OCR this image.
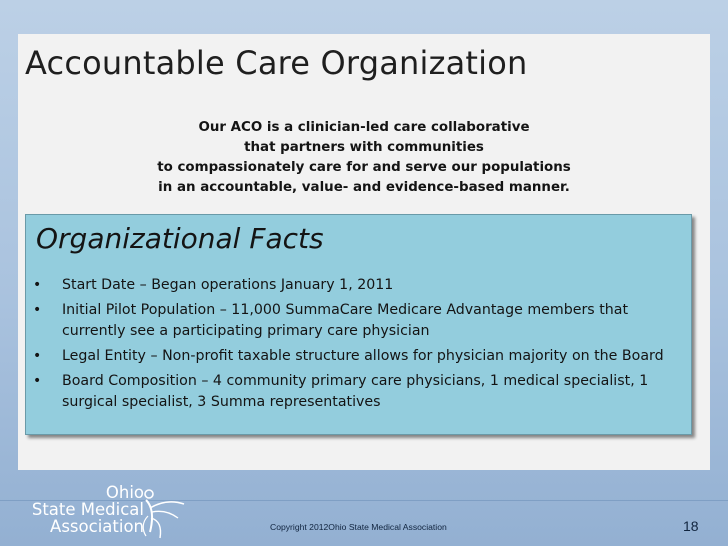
Accountable Care Organization
Our ACO is a clinician-led care collaborative
that partners with communities
to compassionately care for and serve our populations
in an accountable, value- and evidence-based manner.
Organizational Facts
• Start Date – Began operations January 1, 2011
• Initial Pilot Population – 11,000 SummaCare Medicare Advantage members that currently see a participating primary care physician
• Legal Entity – Non-profit taxable structure allows for physician majority on the Board
• Board Composition – 4 community primary care physicians, 1 medical specialist, 1 surgical specialist, 3 Summa representatives
Ohio
State Medical
Association	Copyright 2012Ohio State Medical Association	18
